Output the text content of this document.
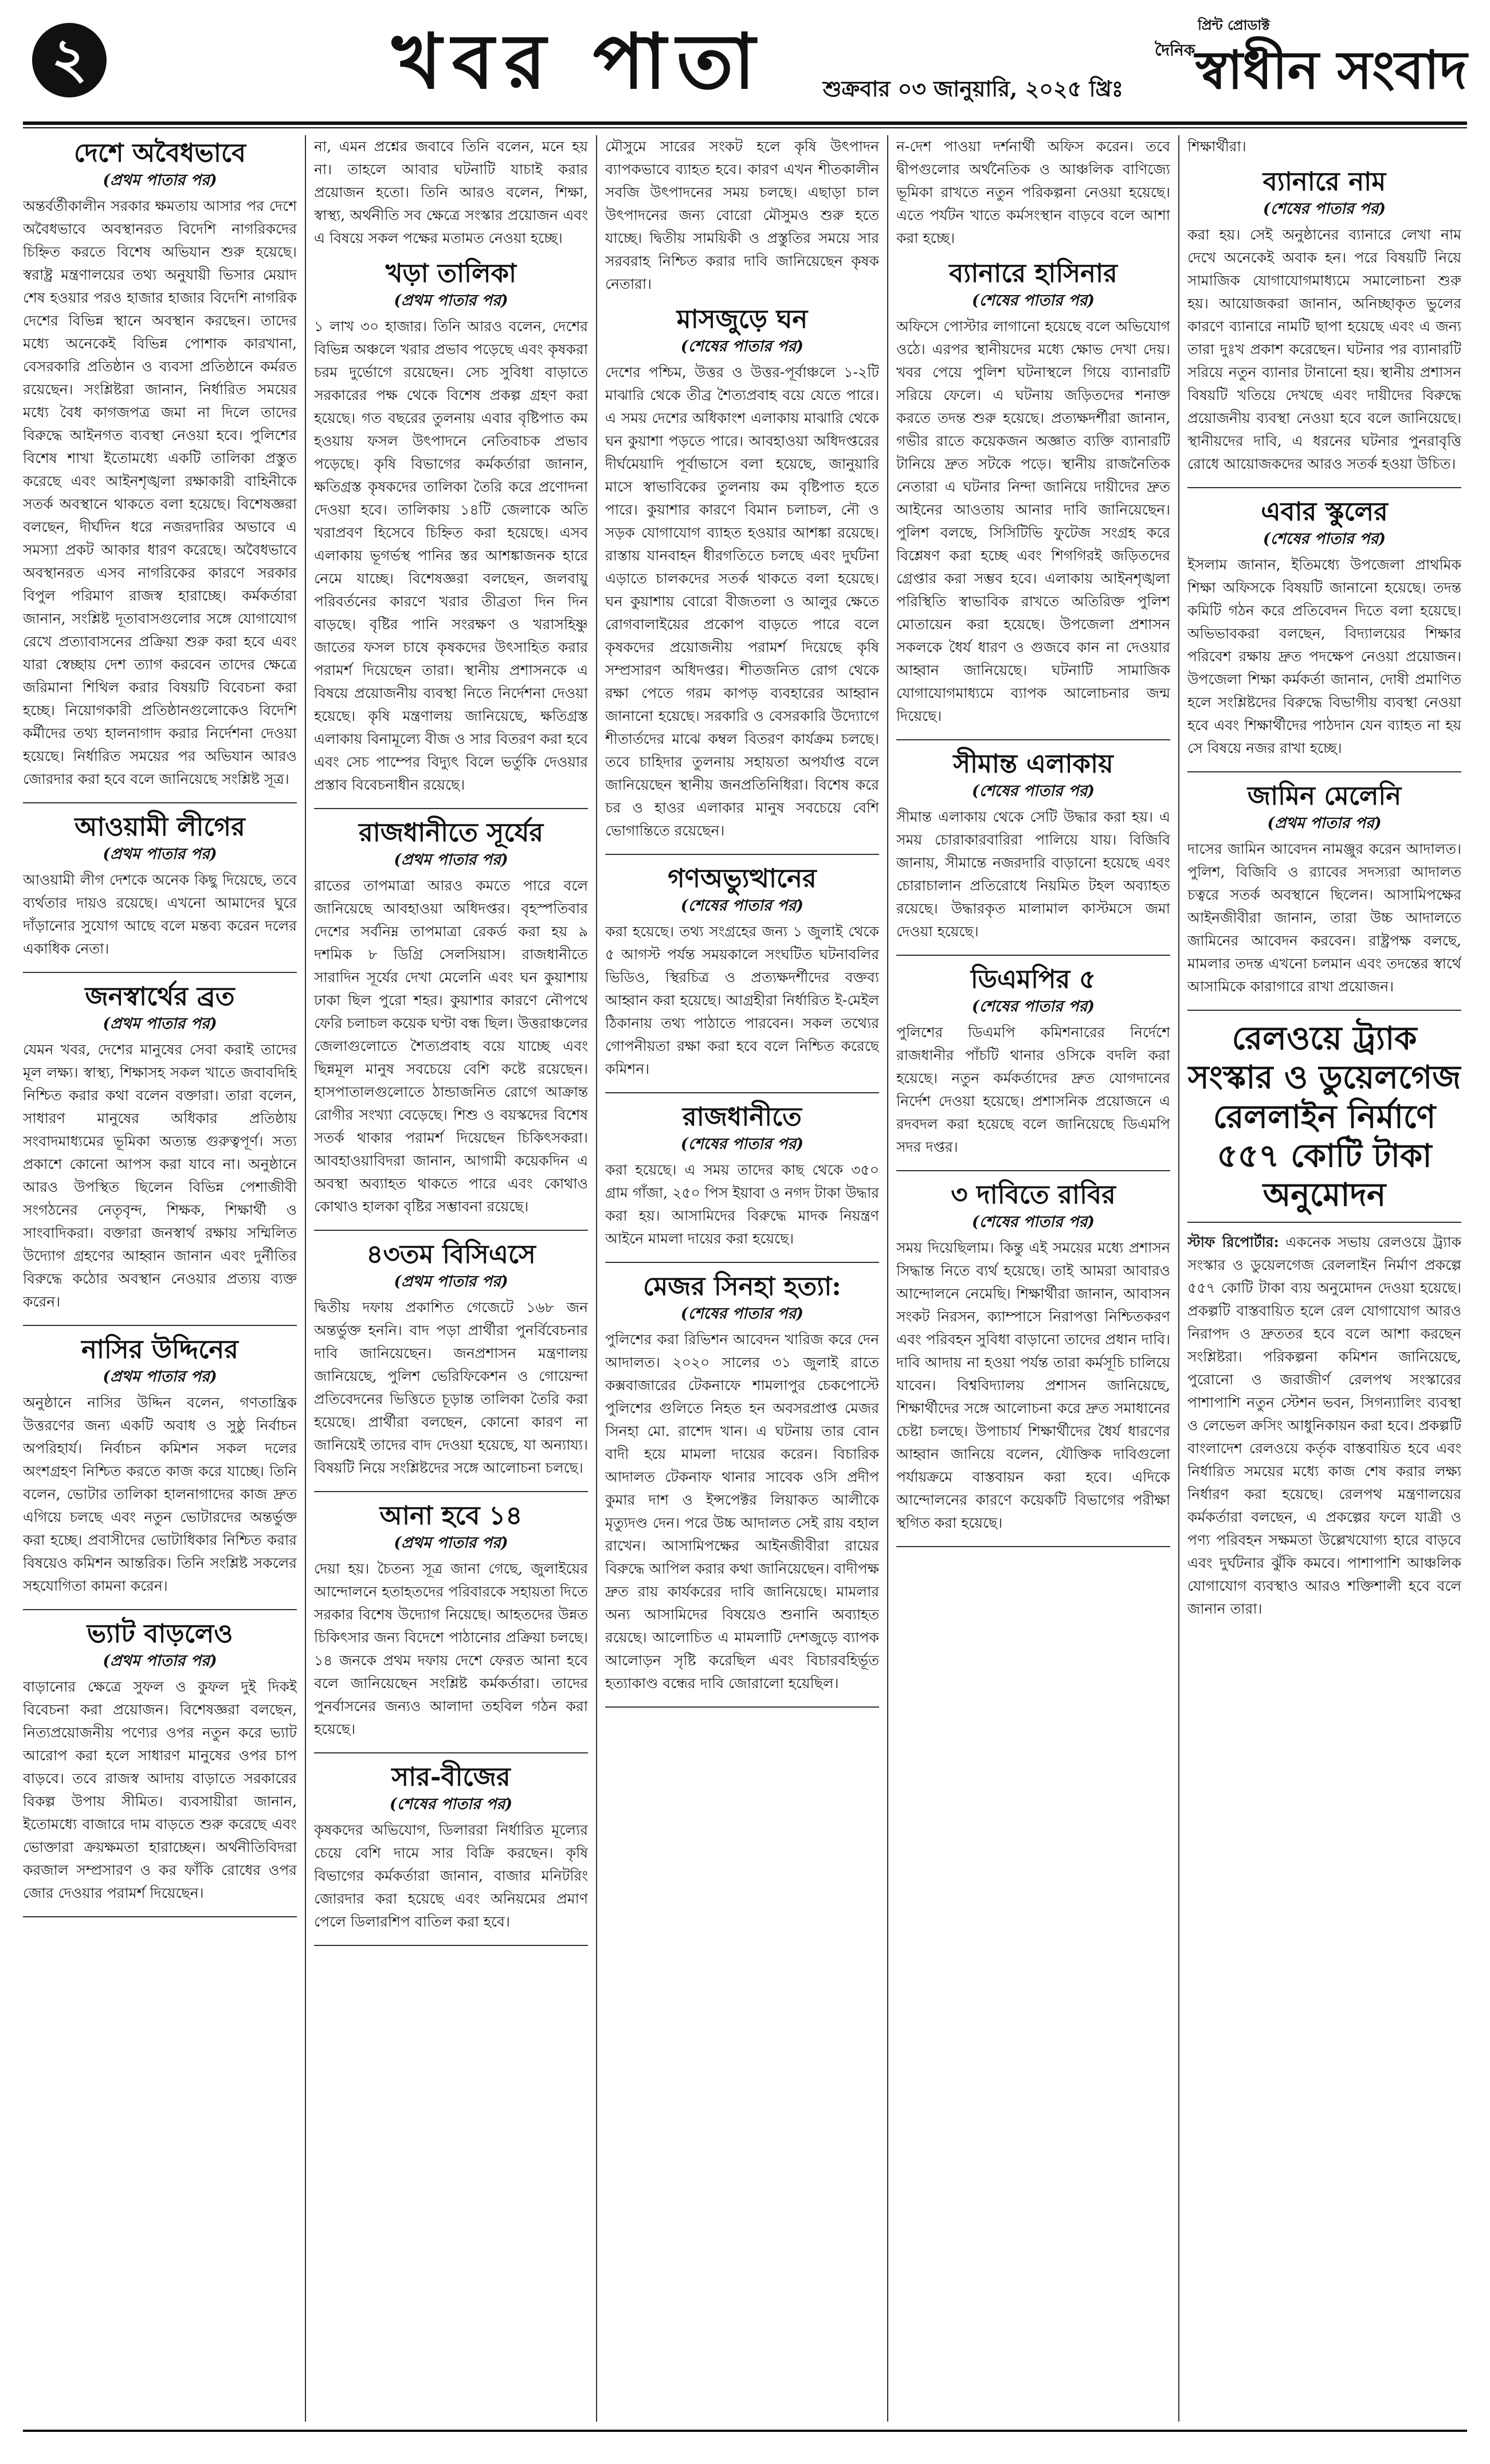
২	খবর পাতা	শুক্রবার ০৩ জানুয়ারি, ২০২৫ খ্রিঃ
প্রিন্ট প্রোডাক্ট
দৈনিক স্বাধীন সংবাদ
দেশে অবৈধভাবে
(প্রথম পাতার পর)

অন্তর্বর্তীকালীন সরকার ক্ষমতায় আসার পর দেশে অবৈধভাবে অবস্থানরত বিদেশি নাগরিকদের চিহ্নিত করতে বিশেষ অভিযান শুরু হয়েছে। স্বরাষ্ট্র মন্ত্রণালয়ের তথ্য অনুযায়ী ভিসার মেয়াদ শেষ হওয়ার পরও হাজার হাজার বিদেশি নাগরিক দেশের বিভিন্ন স্থানে অবস্থান করছেন। তাদের মধ্যে অনেকেই বিভিন্ন পোশাক কারখানা, বেসরকারি প্রতিষ্ঠান ও ব্যবসা প্রতিষ্ঠানে কর্মরত রয়েছেন। সংশ্লিষ্টরা জানান, নির্ধারিত সময়ের মধ্যে বৈধ কাগজপত্র জমা না দিলে তাদের বিরুদ্ধে আইনগত ব্যবস্থা নেওয়া হবে। পুলিশের বিশেষ শাখা ইতোমধ্যে একটি তালিকা প্রস্তুত করেছে এবং আইনশৃঙ্খলা রক্ষাকারী বাহিনীকে সতর্ক অবস্থানে থাকতে বলা হয়েছে। বিশেষজ্ঞরা বলছেন, দীর্ঘদিন ধরে নজরদারির অভাবে এ সমস্যা প্রকট আকার ধারণ করেছে। অবৈধভাবে অবস্থানরত এসব নাগরিকের কারণে সরকার বিপুল পরিমাণ রাজস্ব হারাচ্ছে। কর্মকর্তারা জানান, সংশ্লিষ্ট দূতাবাসগুলোর সঙ্গে যোগাযোগ রেখে প্রত্যাবাসনের প্রক্রিয়া শুরু করা হবে এবং যারা স্বেচ্ছায় দেশ ত্যাগ করবেন তাদের ক্ষেত্রে জরিমানা শিথিল করার বিষয়টি বিবেচনা করা হচ্ছে। নিয়োগকারী প্রতিষ্ঠানগুলোকেও বিদেশি কর্মীদের তথ্য হালনাগাদ করার নির্দেশনা দেওয়া হয়েছে। নির্ধারিত সময়ের পর অভিযান আরও জোরদার করা হবে বলে জানিয়েছে সংশ্লিষ্ট সূত্র।

আওয়ামী লীগের
(প্রথম পাতার পর)

আওয়ামী লীগ দেশকে অনেক কিছু দিয়েছে, তবে ব্যর্থতার দায়ও রয়েছে। এখনো আমাদের ঘুরে দাঁড়ানোর সুযোগ আছে বলে মন্তব্য করেন দলের একাধিক নেতা।

জনস্বার্থের ব্রত
(প্রথম পাতার পর)

যেমন খবর, দেশের মানুষের সেবা করাই তাদের মূল লক্ষ্য। স্বাস্থ্য, শিক্ষাসহ সকল খাতে জবাবদিহি নিশ্চিত করার কথা বলেন বক্তারা। তারা বলেন, সাধারণ মানুষের অধিকার প্রতিষ্ঠায় সংবাদমাধ্যমের ভূমিকা অত্যন্ত গুরুত্বপূর্ণ। সত্য প্রকাশে কোনো আপস করা যাবে না। অনুষ্ঠানে আরও উপস্থিত ছিলেন বিভিন্ন পেশাজীবী সংগঠনের নেতৃবৃন্দ, শিক্ষক, শিক্ষার্থী ও সাংবাদিকরা। বক্তারা জনস্বার্থ রক্ষায় সম্মিলিত উদ্যোগ গ্রহণের আহ্বান জানান এবং দুর্নীতির বিরুদ্ধে কঠোর অবস্থান নেওয়ার প্রত্যয় ব্যক্ত করেন।

নাসির উদ্দিনের
(প্রথম পাতার পর)

অনুষ্ঠানে নাসির উদ্দিন বলেন, গণতান্ত্রিক উত্তরণের জন্য একটি অবাধ ও সুষ্ঠু নির্বাচন অপরিহার্য। নির্বাচন কমিশন সকল দলের অংশগ্রহণ নিশ্চিত করতে কাজ করে যাচ্ছে। তিনি বলেন, ভোটার তালিকা হালনাগাদের কাজ দ্রুত এগিয়ে চলছে এবং নতুন ভোটারদের অন্তর্ভুক্ত করা হচ্ছে। প্রবাসীদের ভোটাধিকার নিশ্চিত করার বিষয়েও কমিশন আন্তরিক। তিনি সংশ্লিষ্ট সকলের সহযোগিতা কামনা করেন।

ভ্যাট বাড়লেও
(প্রথম পাতার পর)

বাড়ানোর ক্ষেত্রে সুফল ও কুফল দুই দিকই বিবেচনা করা প্রয়োজন। বিশেষজ্ঞরা বলছেন, নিত্যপ্রয়োজনীয় পণ্যের ওপর নতুন করে ভ্যাট আরোপ করা হলে সাধারণ মানুষের ওপর চাপ বাড়বে। তবে রাজস্ব আদায় বাড়াতে সরকারের বিকল্প উপায় সীমিত। ব্যবসায়ীরা জানান, ইতোমধ্যে বাজারে দাম বাড়তে শুরু করেছে এবং ভোক্তারা ক্রয়ক্ষমতা হারাচ্ছেন। অর্থনীতিবিদরা করজাল সম্প্রসারণ ও কর ফাঁকি রোধের ওপর জোর দেওয়ার পরামর্শ দিয়েছেন।

না, এমন প্রশ্নের জবাবে তিনি বলেন, মনে হয় না। তাহলে আবার ঘটনাটি যাচাই করার প্রয়োজন হতো। তিনি আরও বলেন, শিক্ষা, স্বাস্থ্য, অর্থনীতি সব ক্ষেত্রে সংস্কার প্রয়োজন এবং এ বিষয়ে সকল পক্ষের মতামত নেওয়া হচ্ছে।

খড়া তালিকা
(প্রথম পাতার পর)

১ লাখ ৩০ হাজার। তিনি আরও বলেন, দেশের বিভিন্ন অঞ্চলে খরার প্রভাব পড়েছে এবং কৃষকরা চরম দুর্ভোগে রয়েছেন। সেচ সুবিধা বাড়াতে সরকারের পক্ষ থেকে বিশেষ প্রকল্প গ্রহণ করা হয়েছে। গত বছরের তুলনায় এবার বৃষ্টিপাত কম হওয়ায় ফসল উৎপাদনে নেতিবাচক প্রভাব পড়েছে। কৃষি বিভাগের কর্মকর্তারা জানান, ক্ষতিগ্রস্ত কৃষকদের তালিকা তৈরি করে প্রণোদনা দেওয়া হবে। তালিকায় ১৪টি জেলাকে অতি খরাপ্রবণ হিসেবে চিহ্নিত করা হয়েছে। এসব এলাকায় ভূগর্ভস্থ পানির স্তর আশঙ্কাজনক হারে নেমে যাচ্ছে। বিশেষজ্ঞরা বলছেন, জলবায়ু পরিবর্তনের কারণে খরার তীব্রতা দিন দিন বাড়ছে। বৃষ্টির পানি সংরক্ষণ ও খরাসহিষ্ণু জাতের ফসল চাষে কৃষকদের উৎসাহিত করার পরামর্শ দিয়েছেন তারা। স্থানীয় প্রশাসনকে এ বিষয়ে প্রয়োজনীয় ব্যবস্থা নিতে নির্দেশনা দেওয়া হয়েছে। কৃষি মন্ত্রণালয় জানিয়েছে, ক্ষতিগ্রস্ত এলাকায় বিনামূল্যে বীজ ও সার বিতরণ করা হবে এবং সেচ পাম্পের বিদ্যুৎ বিলে ভর্তুকি দেওয়ার প্রস্তাব বিবেচনাধীন রয়েছে।

রাজধানীতে সূর্যের
(প্রথম পাতার পর)

রাতের তাপমাত্রা আরও কমতে পারে বলে জানিয়েছে আবহাওয়া অধিদপ্তর। বৃহস্পতিবার দেশের সর্বনিম্ন তাপমাত্রা রেকর্ড করা হয় ৯ দশমিক ৮ ডিগ্রি সেলসিয়াস। রাজধানীতে সারাদিন সূর্যের দেখা মেলেনি এবং ঘন কুয়াশায় ঢাকা ছিল পুরো শহর। কুয়াশার কারণে নৌপথে ফেরি চলাচল কয়েক ঘণ্টা বন্ধ ছিল। উত্তরাঞ্চলের জেলাগুলোতে শৈত্যপ্রবাহ বয়ে যাচ্ছে এবং ছিন্নমূল মানুষ সবচেয়ে বেশি কষ্টে রয়েছেন। হাসপাতালগুলোতে ঠান্ডাজনিত রোগে আক্রান্ত রোগীর সংখ্যা বেড়েছে। শিশু ও বয়স্কদের বিশেষ সতর্ক থাকার পরামর্শ দিয়েছেন চিকিৎসকরা। আবহাওয়াবিদরা জানান, আগামী কয়েকদিন এ অবস্থা অব্যাহত থাকতে পারে এবং কোথাও কোথাও হালকা বৃষ্টির সম্ভাবনা রয়েছে।

৪৩তম বিসিএসে
(প্রথম পাতার পর)

দ্বিতীয় দফায় প্রকাশিত গেজেটে ১৬৮ জন অন্তর্ভুক্ত হননি। বাদ পড়া প্রার্থীরা পুনর্বিবেচনার দাবি জানিয়েছেন। জনপ্রশাসন মন্ত্রণালয় জানিয়েছে, পুলিশ ভেরিফিকেশন ও গোয়েন্দা প্রতিবেদনের ভিত্তিতে চূড়ান্ত তালিকা তৈরি করা হয়েছে। প্রার্থীরা বলছেন, কোনো কারণ না জানিয়েই তাদের বাদ দেওয়া হয়েছে, যা অন্যায্য। বিষয়টি নিয়ে সংশ্লিষ্টদের সঙ্গে আলোচনা চলছে।

আনা হবে ১৪
(প্রথম পাতার পর)

দেয়া হয়। চৈতন্য সূত্র জানা গেছে, জুলাইয়ের আন্দোলনে হতাহতদের পরিবারকে সহায়তা দিতে সরকার বিশেষ উদ্যোগ নিয়েছে। আহতদের উন্নত চিকিৎসার জন্য বিদেশে পাঠানোর প্রক্রিয়া চলছে। ১৪ জনকে প্রথম দফায় দেশে ফেরত আনা হবে বলে জানিয়েছেন সংশ্লিষ্ট কর্মকর্তারা। তাদের পুনর্বাসনের জন্যও আলাদা তহবিল গঠন করা হয়েছে।

সার-বীজের
(শেষের পাতার পর)

কৃষকদের অভিযোগ, ডিলাররা নির্ধারিত মূল্যের চেয়ে বেশি দামে সার বিক্রি করছেন। কৃষি বিভাগের কর্মকর্তারা জানান, বাজার মনিটরিং জোরদার করা হয়েছে এবং অনিয়মের প্রমাণ পেলে ডিলারশিপ বাতিল করা হবে।

মৌসুমে সারের সংকট হলে কৃষি উৎপাদন ব্যাপকভাবে ব্যাহত হবে। কারণ এখন শীতকালীন সবজি উৎপাদনের সময় চলছে। এছাড়া চাল উৎপাদনের জন্য বোরো মৌসুমও শুরু হতে যাচ্ছে। দ্বিতীয় সাময়িকী ও প্রস্তুতির সময়ে সার সরবরাহ নিশ্চিত করার দাবি জানিয়েছেন কৃষক নেতারা।

মাসজুড়ে ঘন
(শেষের পাতার পর)

দেশের পশ্চিম, উত্তর ও উত্তর-পূর্বাঞ্চলে ১-২টি মাঝারি থেকে তীব্র শৈত্যপ্রবাহ বয়ে যেতে পারে। এ সময় দেশের অধিকাংশ এলাকায় মাঝারি থেকে ঘন কুয়াশা পড়তে পারে। আবহাওয়া অধিদপ্তরের দীর্ঘমেয়াদি পূর্বাভাসে বলা হয়েছে, জানুয়ারি মাসে স্বাভাবিকের তুলনায় কম বৃষ্টিপাত হতে পারে। কুয়াশার কারণে বিমান চলাচল, নৌ ও সড়ক যোগাযোগ ব্যাহত হওয়ার আশঙ্কা রয়েছে। রাস্তায় যানবাহন ধীরগতিতে চলছে এবং দুর্ঘটনা এড়াতে চালকদের সতর্ক থাকতে বলা হয়েছে। ঘন কুয়াশায় বোরো বীজতলা ও আলুর ক্ষেতে রোগবালাইয়ের প্রকোপ বাড়তে পারে বলে কৃষকদের প্রয়োজনীয় পরামর্শ দিয়েছে কৃষি সম্প্রসারণ অধিদপ্তর। শীতজনিত রোগ থেকে রক্ষা পেতে গরম কাপড় ব্যবহারের আহ্বান জানানো হয়েছে। সরকারি ও বেসরকারি উদ্যোগে শীতার্তদের মাঝে কম্বল বিতরণ কার্যক্রম চলছে। তবে চাহিদার তুলনায় সহায়তা অপর্যাপ্ত বলে জানিয়েছেন স্থানীয় জনপ্রতিনিধিরা। বিশেষ করে চর ও হাওর এলাকার মানুষ সবচেয়ে বেশি ভোগান্তিতে রয়েছেন।

গণঅভ্যুত্থানের
(শেষের পাতার পর)

করা হয়েছে। তথ্য সংগ্রহের জন্য ১ জুলাই থেকে ৫ আগস্ট পর্যন্ত সময়কালে সংঘটিত ঘটনাবলির ভিডিও, স্থিরচিত্র ও প্রত্যক্ষদর্শীদের বক্তব্য আহ্বান করা হয়েছে। আগ্রহীরা নির্ধারিত ই-মেইল ঠিকানায় তথ্য পাঠাতে পারবেন। সকল তথ্যের গোপনীয়তা রক্ষা করা হবে বলে নিশ্চিত করেছে কমিশন।

রাজধানীতে
(শেষের পাতার পর)

করা হয়েছে। এ সময় তাদের কাছ থেকে ৩৫০ গ্রাম গাঁজা, ২৫০ পিস ইয়াবা ও নগদ টাকা উদ্ধার করা হয়। আসামিদের বিরুদ্ধে মাদক নিয়ন্ত্রণ আইনে মামলা দায়ের করা হয়েছে।

মেজর সিনহা হত্যা:
(শেষের পাতার পর)

পুলিশের করা রিভিশন আবেদন খারিজ করে দেন আদালত। ২০২০ সালের ৩১ জুলাই রাতে কক্সবাজারের টেকনাফে শামলাপুর চেকপোস্টে পুলিশের গুলিতে নিহত হন অবসরপ্রাপ্ত মেজর সিনহা মো. রাশেদ খান। এ ঘটনায় তার বোন বাদী হয়ে মামলা দায়ের করেন। বিচারিক আদালত টেকনাফ থানার সাবেক ওসি প্রদীপ কুমার দাশ ও ইন্সপেক্টর লিয়াকত আলীকে মৃত্যুদণ্ড দেন। পরে উচ্চ আদালত সেই রায় বহাল রাখেন। আসামিপক্ষের আইনজীবীরা রায়ের বিরুদ্ধে আপিল করার কথা জানিয়েছেন। বাদীপক্ষ দ্রুত রায় কার্যকরের দাবি জানিয়েছে। মামলার অন্য আসামিদের বিষয়েও শুনানি অব্যাহত রয়েছে। আলোচিত এ মামলাটি দেশজুড়ে ব্যাপক আলোড়ন সৃষ্টি করেছিল এবং বিচারবহির্ভূত হত্যাকাণ্ড বন্ধের দাবি জোরালো হয়েছিল।

ন-দেশ পাওয়া দর্শনার্থী অফিস করেন। তবে দ্বীপগুলোর অর্থনৈতিক ও আঞ্চলিক বাণিজ্যে ভূমিকা রাখতে নতুন পরিকল্পনা নেওয়া হয়েছে। এতে পর্যটন খাতে কর্মসংস্থান বাড়বে বলে আশা করা হচ্ছে।

ব্যানারে হাসিনার
(শেষের পাতার পর)

অফিসে পোস্টার লাগানো হয়েছে বলে অভিযোগ ওঠে। এরপর স্থানীয়দের মধ্যে ক্ষোভ দেখা দেয়। খবর পেয়ে পুলিশ ঘটনাস্থলে গিয়ে ব্যানারটি সরিয়ে ফেলে। এ ঘটনায় জড়িতদের শনাক্ত করতে তদন্ত শুরু হয়েছে। প্রত্যক্ষদর্শীরা জানান, গভীর রাতে কয়েকজন অজ্ঞাত ব্যক্তি ব্যানারটি টানিয়ে দ্রুত সটকে পড়ে। স্থানীয় রাজনৈতিক নেতারা এ ঘটনার নিন্দা জানিয়ে দায়ীদের দ্রুত আইনের আওতায় আনার দাবি জানিয়েছেন। পুলিশ বলছে, সিসিটিভি ফুটেজ সংগ্রহ করে বিশ্লেষণ করা হচ্ছে এবং শিগগিরই জড়িতদের গ্রেপ্তার করা সম্ভব হবে। এলাকায় আইনশৃঙ্খলা পরিস্থিতি স্বাভাবিক রাখতে অতিরিক্ত পুলিশ মোতায়েন করা হয়েছে। উপজেলা প্রশাসন সকলকে ধৈর্য ধারণ ও গুজবে কান না দেওয়ার আহ্বান জানিয়েছে। ঘটনাটি সামাজিক যোগাযোগমাধ্যমে ব্যাপক আলোচনার জন্ম দিয়েছে।

সীমান্ত এলাকায়
(শেষের পাতার পর)

সীমান্ত এলাকায় থেকে সেটি উদ্ধার করা হয়। এ সময় চোরাকারবারিরা পালিয়ে যায়। বিজিবি জানায়, সীমান্তে নজরদারি বাড়ানো হয়েছে এবং চোরাচালান প্রতিরোধে নিয়মিত টহল অব্যাহত রয়েছে। উদ্ধারকৃত মালামাল কাস্টমসে জমা দেওয়া হয়েছে।

ডিএমপির ৫
(শেষের পাতার পর)

পুলিশের ডিএমপি কমিশনারের নির্দেশে রাজধানীর পাঁচটি থানার ওসিকে বদলি করা হয়েছে। নতুন কর্মকর্তাদের দ্রুত যোগদানের নির্দেশ দেওয়া হয়েছে। প্রশাসনিক প্রয়োজনে এ রদবদল করা হয়েছে বলে জানিয়েছে ডিএমপি সদর দপ্তর।

৩ দাবিতে রাবির
(শেষের পাতার পর)

সময় দিয়েছিলাম। কিন্তু এই সময়ের মধ্যে প্রশাসন সিদ্ধান্ত নিতে ব্যর্থ হয়েছে। তাই আমরা আবারও আন্দোলনে নেমেছি। শিক্ষার্থীরা জানান, আবাসন সংকট নিরসন, ক্যাম্পাসে নিরাপত্তা নিশ্চিতকরণ এবং পরিবহন সুবিধা বাড়ানো তাদের প্রধান দাবি। দাবি আদায় না হওয়া পর্যন্ত তারা কর্মসূচি চালিয়ে যাবেন। বিশ্ববিদ্যালয় প্রশাসন জানিয়েছে, শিক্ষার্থীদের সঙ্গে আলোচনা করে দ্রুত সমাধানের চেষ্টা চলছে। উপাচার্য শিক্ষার্থীদের ধৈর্য ধারণের আহ্বান জানিয়ে বলেন, যৌক্তিক দাবিগুলো পর্যায়ক্রমে বাস্তবায়ন করা হবে। এদিকে আন্দোলনের কারণে কয়েকটি বিভাগের পরীক্ষা স্থগিত করা হয়েছে।

শিক্ষার্থীরা।

ব্যানারে নাম
(শেষের পাতার পর)

করা হয়। সেই অনুষ্ঠানের ব্যানারে লেখা নাম দেখে অনেকেই অবাক হন। পরে বিষয়টি নিয়ে সামাজিক যোগাযোগমাধ্যমে সমালোচনা শুরু হয়। আয়োজকরা জানান, অনিচ্ছাকৃত ভুলের কারণে ব্যানারে নামটি ছাপা হয়েছে এবং এ জন্য তারা দুঃখ প্রকাশ করেছেন। ঘটনার পর ব্যানারটি সরিয়ে নতুন ব্যানার টানানো হয়। স্থানীয় প্রশাসন বিষয়টি খতিয়ে দেখছে এবং দায়ীদের বিরুদ্ধে প্রয়োজনীয় ব্যবস্থা নেওয়া হবে বলে জানিয়েছে। স্থানীয়দের দাবি, এ ধরনের ঘটনার পুনরাবৃত্তি রোধে আয়োজকদের আরও সতর্ক হওয়া উচিত।

এবার স্কুলের
(শেষের পাতার পর)

ইসলাম জানান, ইতিমধ্যে উপজেলা প্রাথমিক শিক্ষা অফিসকে বিষয়টি জানানো হয়েছে। তদন্ত কমিটি গঠন করে প্রতিবেদন দিতে বলা হয়েছে। অভিভাবকরা বলছেন, বিদ্যালয়ের শিক্ষার পরিবেশ রক্ষায় দ্রুত পদক্ষেপ নেওয়া প্রয়োজন। উপজেলা শিক্ষা কর্মকর্তা জানান, দোষী প্রমাণিত হলে সংশ্লিষ্টদের বিরুদ্ধে বিভাগীয় ব্যবস্থা নেওয়া হবে এবং শিক্ষার্থীদের পাঠদান যেন ব্যাহত না হয় সে বিষয়ে নজর রাখা হচ্ছে।

জামিন মেলেনি
(প্রথম পাতার পর)

দাসের জামিন আবেদন নামঞ্জুর করেন আদালত। পুলিশ, বিজিবি ও র‍্যাবের সদস্যরা আদালত চত্বরে সতর্ক অবস্থানে ছিলেন। আসামিপক্ষের আইনজীবীরা জানান, তারা উচ্চ আদালতে জামিনের আবেদন করবেন। রাষ্ট্রপক্ষ বলছে, মামলার তদন্ত এখনো চলমান এবং তদন্তের স্বার্থে আসামিকে কারাগারে রাখা প্রয়োজন।

রেলওয়ে ট্র্যাক সংস্কার ও ডুয়েলগেজ রেললাইন নির্মাণে ৫৫৭ কোটি টাকা অনুমোদন

স্টাফ রিপোর্টার: একনেক সভায় রেলওয়ে ট্র্যাক সংস্কার ও ডুয়েলগেজ রেললাইন নির্মাণ প্রকল্পে ৫৫৭ কোটি টাকা ব্যয় অনুমোদন দেওয়া হয়েছে। প্রকল্পটি বাস্তবায়িত হলে রেল যোগাযোগ আরও নিরাপদ ও দ্রুততর হবে বলে আশা করছেন সংশ্লিষ্টরা। পরিকল্পনা কমিশন জানিয়েছে, পুরোনো ও জরাজীর্ণ রেলপথ সংস্কারের পাশাপাশি নতুন স্টেশন ভবন, সিগন্যালিং ব্যবস্থা ও লেভেল ক্রসিং আধুনিকায়ন করা হবে। প্রকল্পটি বাংলাদেশ রেলওয়ে কর্তৃক বাস্তবায়িত হবে এবং নির্ধারিত সময়ের মধ্যে কাজ শেষ করার লক্ষ্য নির্ধারণ করা হয়েছে। রেলপথ মন্ত্রণালয়ের কর্মকর্তারা বলছেন, এ প্রকল্পের ফলে যাত্রী ও পণ্য পরিবহন সক্ষমতা উল্লেখযোগ্য হারে বাড়বে এবং দুর্ঘটনার ঝুঁকি কমবে। পাশাপাশি আঞ্চলিক যোগাযোগ ব্যবস্থাও আরও শক্তিশালী হবে বলে জানান তারা।
